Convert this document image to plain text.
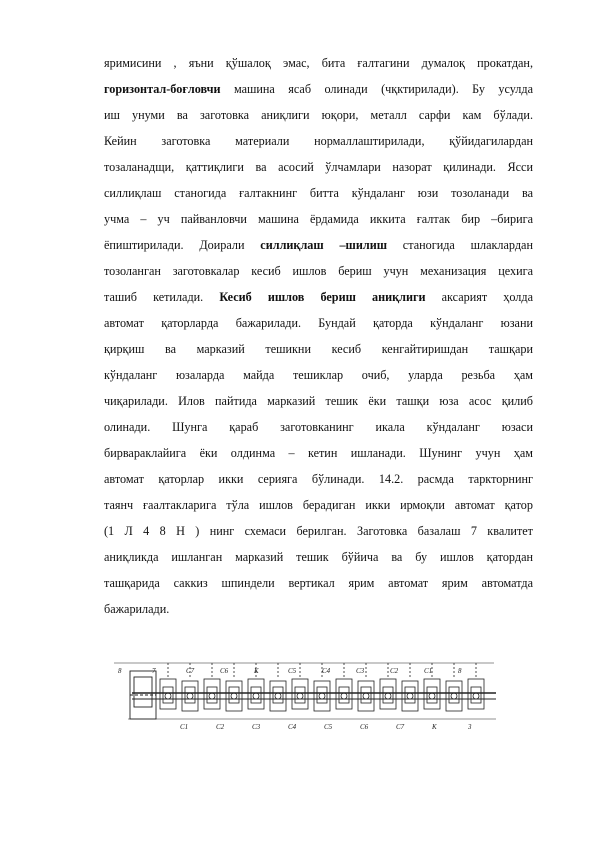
яримисини , яъни қўшалоқ эмас, бита ғалтагини думалоқ прокатдан,
горизонтал-боғловчи машина ясаб олинади (чқктирилади). Бу усулда
иш унуми ва заготовка аниқлиги юқори, металл сарфи кам бўлади.
Кейин заготовка материали нормаллаштирилади, қўйидагилардан
тозаланадщи, қаттиқлиги ва асосий ўлчамлари назорат қилинади. Ясси
силлиқлаш станогида ғалтакнинг битта кўндаланг юзи тозоланади ва
учма – уч пайванловчи машина ёрдамида иккита ғалтак бир –бирига
ёпиштирилади. Доирали силлиқлаш –шилиш станогида шлаклардан
тозоланган заготовкалар кесиб ишлов бериш учун механизация цехига
ташиб кетилади. Кесиб ишлов бериш аниқлиги аксарият ҳолда
автомат қаторларда бажарилади. Бундай қаторда кўндаланг юзани
қирқиш ва марказий тешикни кесиб кенгайтиришдан ташқари
кўндаланг юзаларда майда тешиклар очиб, уларда резьба ҳам
чиқарилади. Илов пайтида марказий тешик ёки ташқи юза асос қилиб
олинади. Шунга қараб заготовканинг икала кўндаланг юзаси
бирвараклайига ёки олдинма – кетин ишланади. Шунинг учун ҳам
автомат қаторлар икки серияга бўлинади. 14.2. расмда таркторнинг
таянч ғаалтакларига тўла ишлов берадиган икки ирмоқли автомат қатор
(1 Л 4 8 Н ) нинг схемаси берилган. Заготовка базалаш 7 квалитет
аниқликда ишланган марказий тешик бўйича ва бу ишлов қатордан
ташқарида саккиз шпиндели вертикал ярим автомат ярим автоматда
бажарилади.

8	7	С7	С6	К	С5	С4	С3	С2	С1	8
С1	С2	С3	С4	С5	С6	С7	К	3
